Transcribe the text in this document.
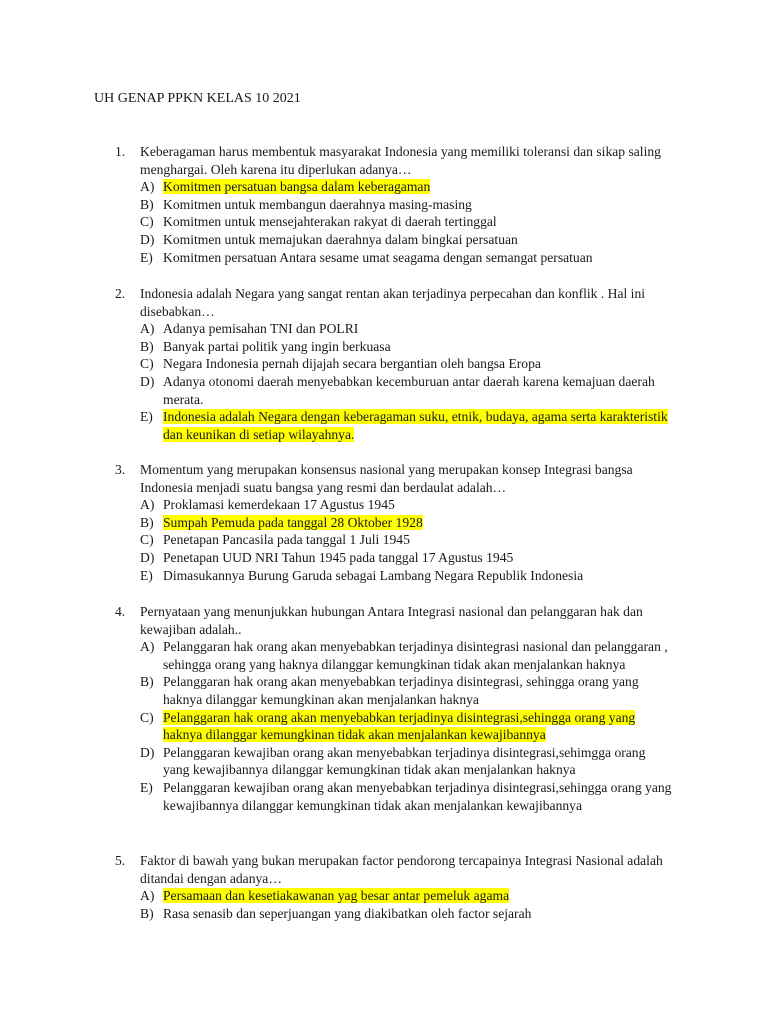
UH GENAP PPKN KELAS 10 2021
1.	Keberagaman harus membentuk masyarakat Indonesia yang memiliki toleransi dan sikap saling menghargai. Oleh karena itu diperlukan adanya…
A) Komitmen persatuan bangsa dalam keberagaman
B) Komitmen untuk membangun daerahnya masing-masing
C) Komitmen untuk mensejahterakan rakyat di daerah tertinggal
D) Komitmen untuk memajukan daerahnya dalam bingkai persatuan
E) Komitmen persatuan Antara sesame umat seagama dengan semangat persatuan
2.	Indonesia adalah Negara yang sangat rentan akan terjadinya perpecahan dan konflik . Hal ini disebabkan…
A) Adanya pemisahan TNI dan POLRI
B) Banyak partai politik yang ingin berkuasa
C) Negara Indonesia pernah dijajah secara bergantian oleh bangsa Eropa
D) Adanya otonomi daerah menyebabkan kecemburuan antar daerah karena kemajuan daerah merata.
E) Indonesia adalah Negara dengan keberagaman suku, etnik, budaya, agama serta karakteristik dan keunikan di setiap wilayahnya.
3.	Momentum yang merupakan konsensus nasional yang merupakan konsep Integrasi bangsa Indonesia menjadi suatu bangsa yang resmi dan berdaulat adalah…
A) Proklamasi kemerdekaan 17 Agustus 1945
B) Sumpah Pemuda pada tanggal 28 Oktober 1928
C) Penetapan Pancasila pada tanggal 1 Juli 1945
D) Penetapan UUD NRI Tahun 1945 pada tanggal 17 Agustus 1945
E) Dimasukannya Burung Garuda sebagai Lambang Negara Republik Indonesia
4.	Pernyataan yang menunjukkan hubungan Antara Integrasi nasional dan pelanggaran hak dan kewajiban adalah..
A) Pelanggaran hak orang akan menyebabkan terjadinya disintegrasi nasional dan pelanggaran , sehingga orang yang haknya dilanggar kemungkinan tidak akan menjalankan haknya
B) Pelanggaran hak orang akan menyebabkan terjadinya disintegrasi, sehingga orang yang haknya dilanggar kemungkinan akan menjalankan haknya
C) Pelanggaran hak orang akan menyebabkan terjadinya disintegrasi,sehingga orang yang haknya dilanggar kemungkinan tidak akan menjalankan kewajibannya
D) Pelanggaran kewajiban orang akan menyebabkan terjadinya disintegrasi,sehimgga orang yang kewajibannya dilanggar kemungkinan tidak akan menjalankan haknya
E) Pelanggaran kewajiban orang akan menyebabkan terjadinya disintegrasi,sehingga orang yang kewajibannya dilanggar kemungkinan tidak akan menjalankan kewajibannya
5.	Faktor di bawah yang bukan merupakan factor pendorong tercapainya Integrasi Nasional adalah ditandai dengan adanya…
A) Persamaan dan kesetiakawanan yag besar antar pemeluk agama
B) Rasa senasib dan seperjuangan yang diakibatkan oleh factor sejarah
